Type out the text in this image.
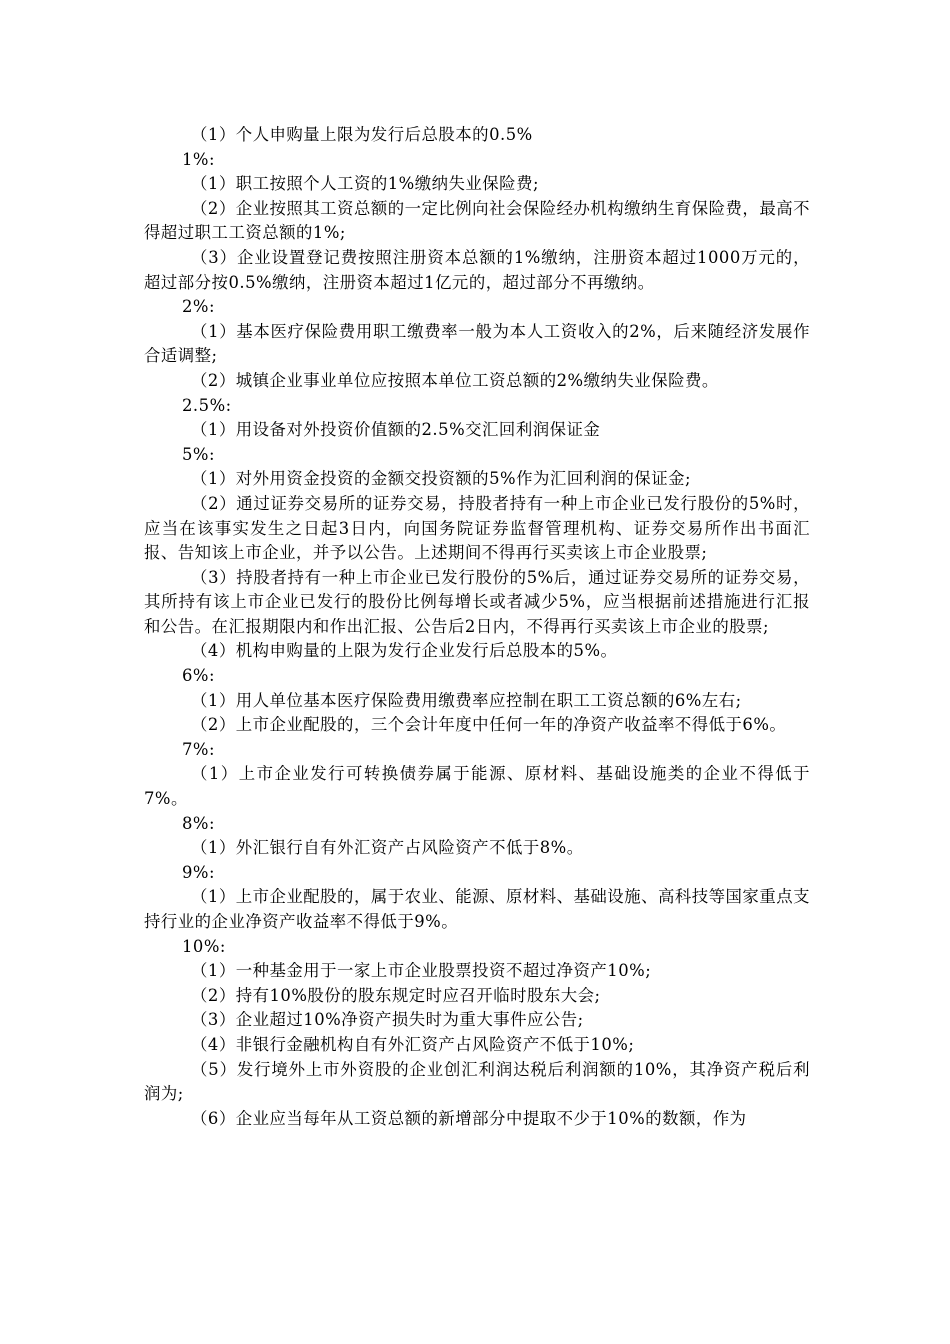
（1）个人申购量上限为发行后总股本的0.5%

1%:

（1）职工按照个人工资的1%缴纳失业保险费;

（2）企业按照其工资总额的一定比例向社会保险经办机构缴纳生育保险费，最高不得超过职工工资总额的1%;

（3）企业设置登记费按照注册资本总额的1%缴纳，注册资本超过1000万元的，超过部分按0.5%缴纳，注册资本超过1亿元的，超过部分不再缴纳。

2%:

（1）基本医疗保险费用职工缴费率一般为本人工资收入的2%，后来随经济发展作合适调整;

（2）城镇企业事业单位应按照本单位工资总额的2%缴纳失业保险费。

2.5%:

（1）用设备对外投资价值额的2.5%交汇回利润保证金

5%:

（1）对外用资金投资的金额交投资额的5%作为汇回利润的保证金;

（2）通过证券交易所的证券交易，持股者持有一种上市企业已发行股份的5%时，应当在该事实发生之日起3日内，向国务院证券监督管理机构、证券交易所作出书面汇报、告知该上市企业，并予以公告。上述期间不得再行买卖该上市企业股票;

（3）持股者持有一种上市企业已发行股份的5%后，通过证券交易所的证券交易，其所持有该上市企业已发行的股份比例每增长或者减少5%，应当根据前述措施进行汇报和公告。在汇报期限内和作出汇报、公告后2日内，不得再行买卖该上市企业的股票;

（4）机构申购量的上限为发行企业发行后总股本的5%。

6%:

（1）用人单位基本医疗保险费用缴费率应控制在职工工资总额的6%左右;

（2）上市企业配股的，三个会计年度中任何一年的净资产收益率不得低于6%。

7%:

（1）上市企业发行可转换债券属于能源、原材料、基础设施类的企业不得低于7%。

8%:

（1）外汇银行自有外汇资产占风险资产不低于8%。

9%:

（1）上市企业配股的，属于农业、能源、原材料、基础设施、高科技等国家重点支持行业的企业净资产收益率不得低于9%。

10%:

（1）一种基金用于一家上市企业股票投资不超过净资产10%;

（2）持有10%股份的股东规定时应召开临时股东大会;

（3）企业超过10%净资产损失时为重大事件应公告;

（4）非银行金融机构自有外汇资产占风险资产不低于10%;

（5）发行境外上市外资股的企业创汇利润达税后利润额的10%，其净资产税后利润为;

（6）企业应当每年从工资总额的新增部分中提取不少于10%的数额，作为
